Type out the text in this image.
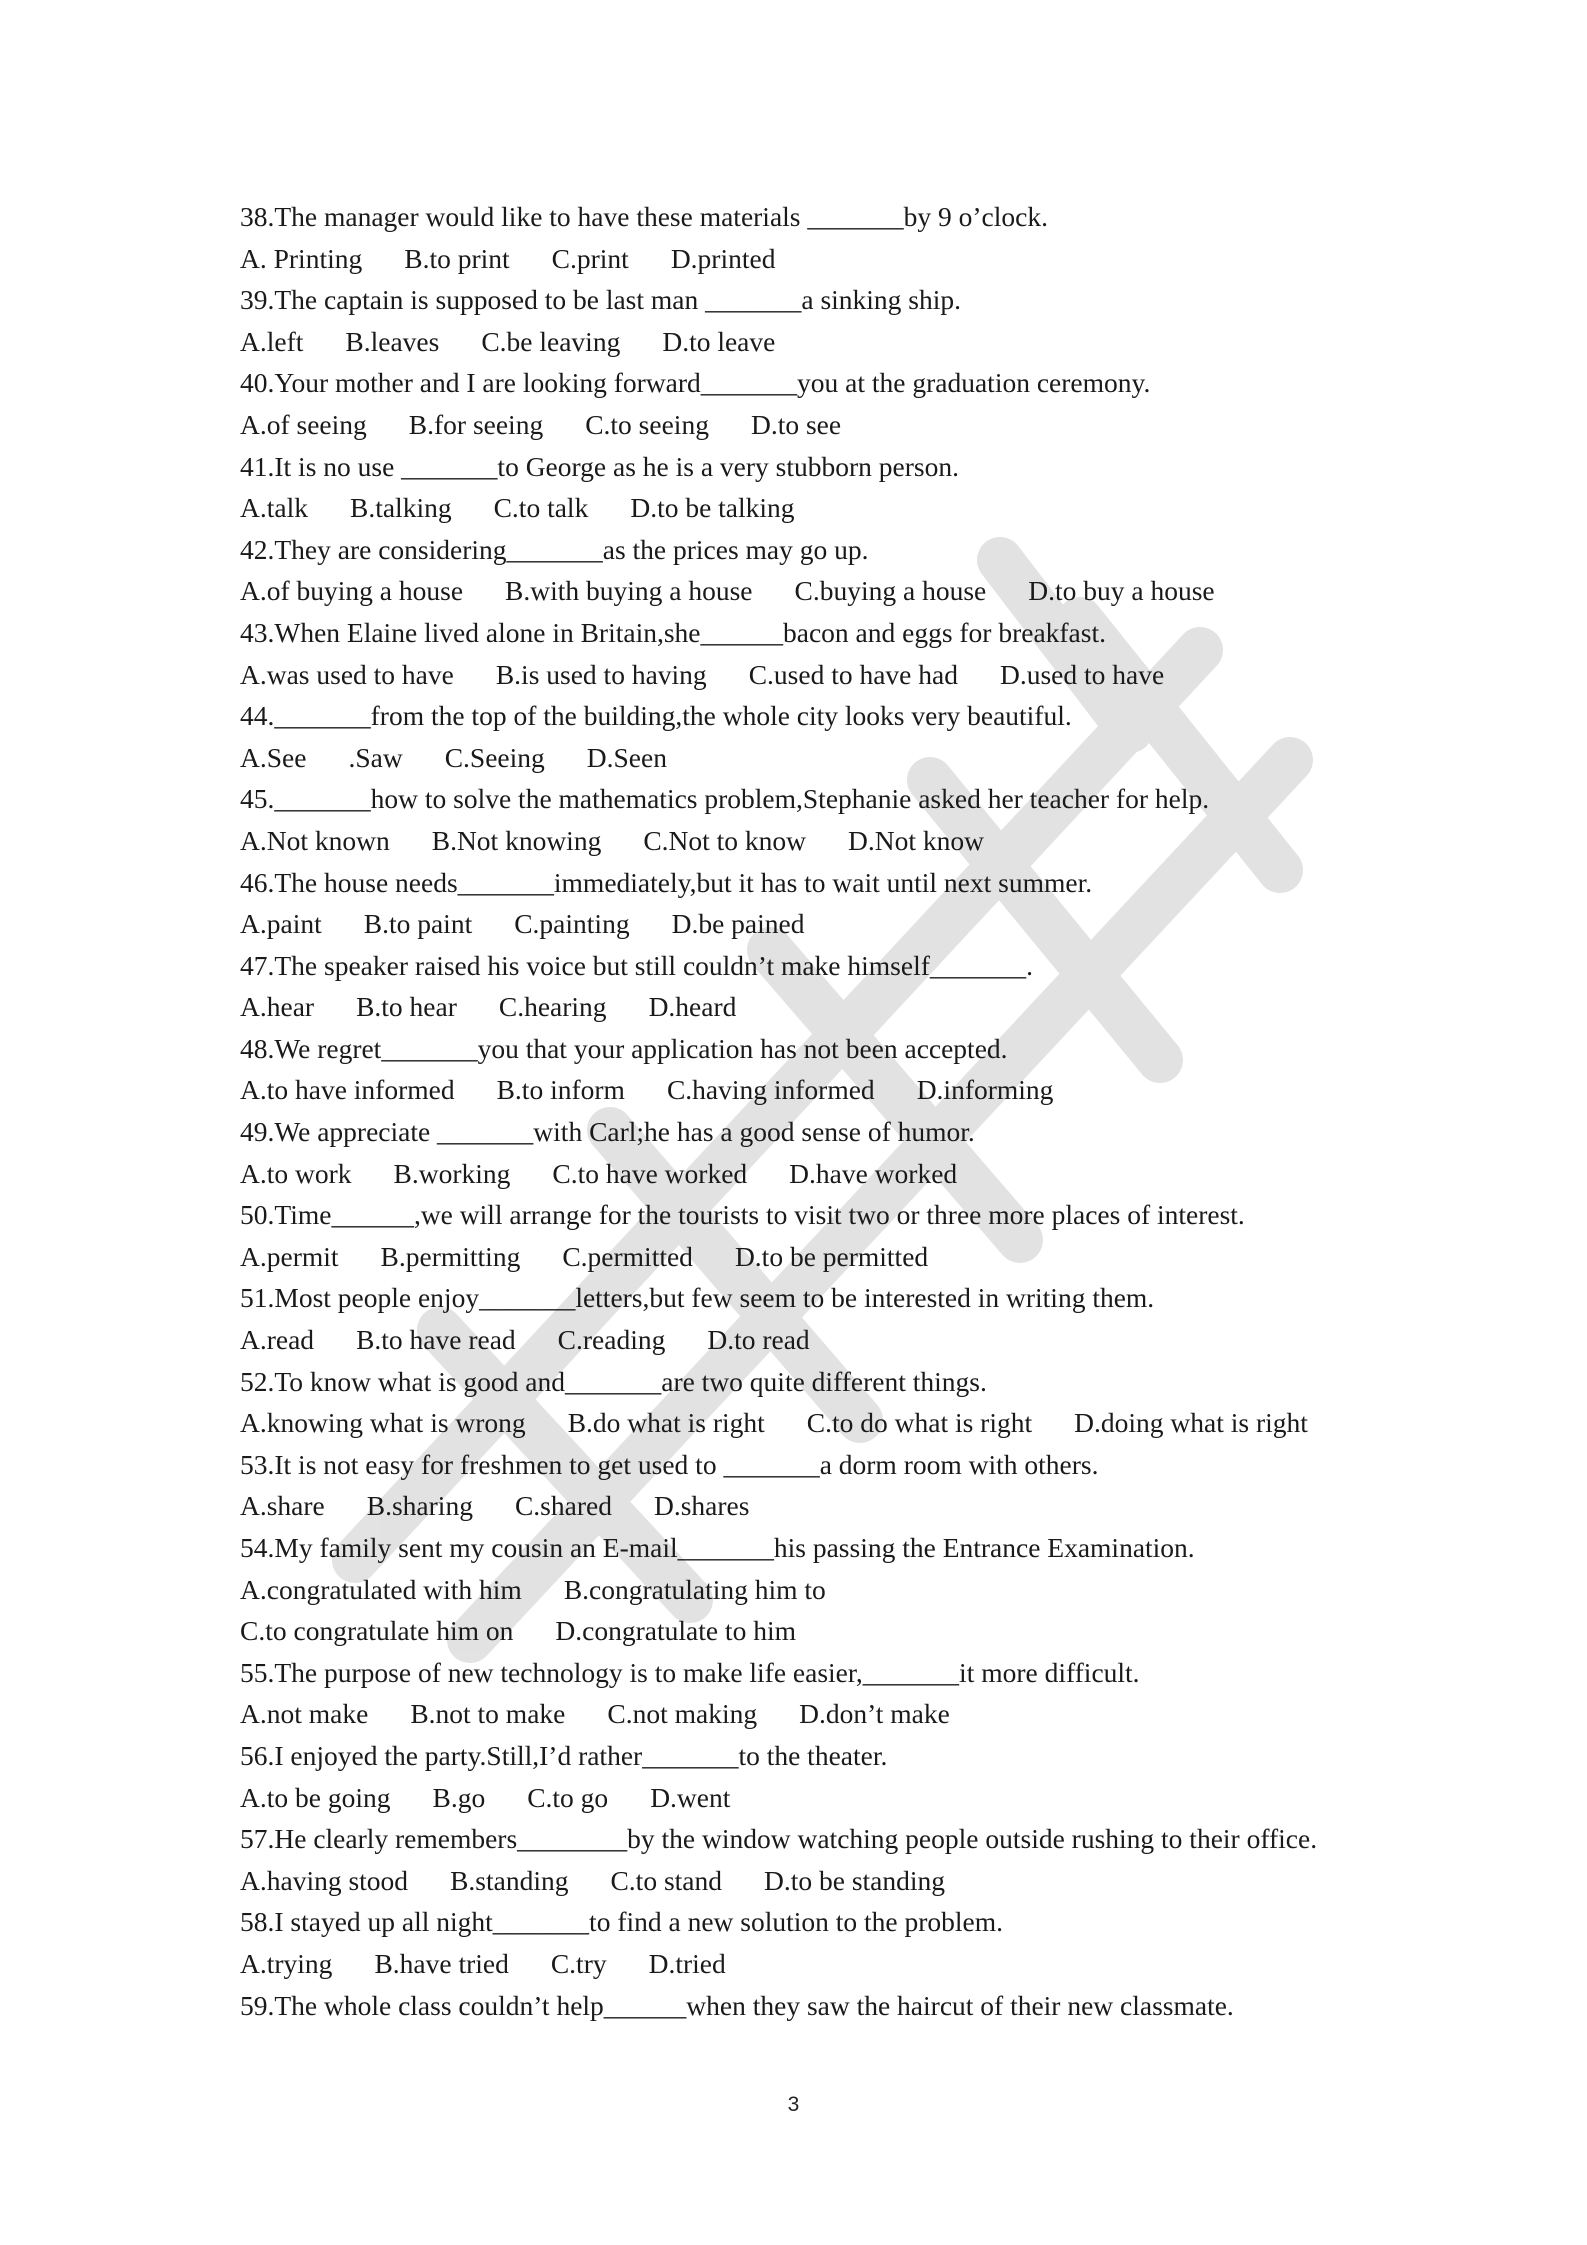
38.The manager would like to have these materials _______by 9 o’clock.
A. Printing B.to print C.print D.printed
39.The captain is supposed to be last man _______a sinking ship.
A.left B.leaves C.be leaving D.to leave
40.Your mother and I are looking forward_______you at the graduation ceremony.
A.of seeing B.for seeing C.to seeing D.to see
41.It is no use _______to George as he is a very stubborn person.
A.talk B.talking C.to talk D.to be talking
42.They are considering_______as the prices may go up.
A.of buying a house B.with buying a house C.buying a house D.to buy a house
43.When Elaine lived alone in Britain,she______bacon and eggs for breakfast.
A.was used to have B.is used to having C.used to have had D.used to have
44._______from the top of the building,the whole city looks very beautiful.
A.See .Saw C.Seeing D.Seen
45._______how to solve the mathematics problem,Stephanie asked her teacher for help.
A.Not known B.Not knowing C.Not to know D.Not know
46.The house needs_______immediately,but it has to wait until next summer.
A.paint B.to paint C.painting D.be pained
47.The speaker raised his voice but still couldn’t make himself_______.
A.hear B.to hear C.hearing D.heard
48.We regret_______you that your application has not been accepted.
A.to have informed B.to inform C.having informed D.informing
49.We appreciate _______with Carl;he has a good sense of humor.
A.to work B.working C.to have worked D.have worked
50.Time______,we will arrange for the tourists to visit two or three more places of interest.
A.permit B.permitting C.permitted D.to be permitted
51.Most people enjoy_______letters,but few seem to be interested in writing them.
A.read B.to have read C.reading D.to read
52.To know what is good and_______are two quite different things.
A.knowing what is wrong B.do what is right C.to do what is right D.doing what is right
53.It is not easy for freshmen to get used to _______a dorm room with others.
A.share B.sharing C.shared D.shares
54.My family sent my cousin an E-mail_______his passing the Entrance Examination.
A.congratulated with him B.congratulating him to
C.to congratulate him on D.congratulate to him
55.The purpose of new technology is to make life easier,_______it more difficult.
A.not make B.not to make C.not making D.don’t make
56.I enjoyed the party.Still,I’d rather_______to the theater.
A.to be going B.go C.to go D.went
57.He clearly remembers________by the window watching people outside rushing to their office.
A.having stood B.standing C.to stand D.to be standing
58.I stayed up all night_______to find a new solution to the problem.
A.trying B.have tried C.try D.tried
59.The whole class couldn’t help______when they saw the haircut of their new classmate.
3
